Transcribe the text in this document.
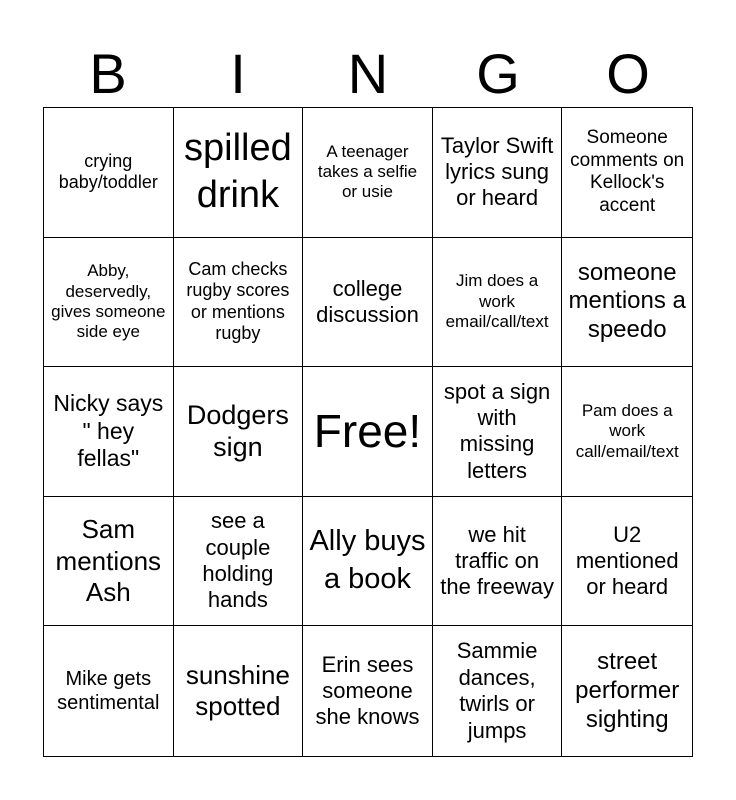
B	I	N	G	O
crying baby/toddler
spilled drink
A teenager takes a selfie or usie
Taylor Swift lyrics sung or heard
Someone comments on Kellock's accent
Abby, deservedly, gives someone side eye
Cam checks rugby scores or mentions rugby
college discussion
Jim does a work email/call/text
someone mentions a speedo
Nicky says " hey fellas"
Dodgers sign	Free!
spot a sign with missing letters
Pam does a work call/email/text
Sam mentions Ash
see a couple holding hands
Ally buys a book
we hit traffic on the freeway
U2 mentioned or heard
Mike gets sentimental
sunshine spotted
Erin sees someone she knows
Sammie dances, twirls or jumps
street performer sighting
